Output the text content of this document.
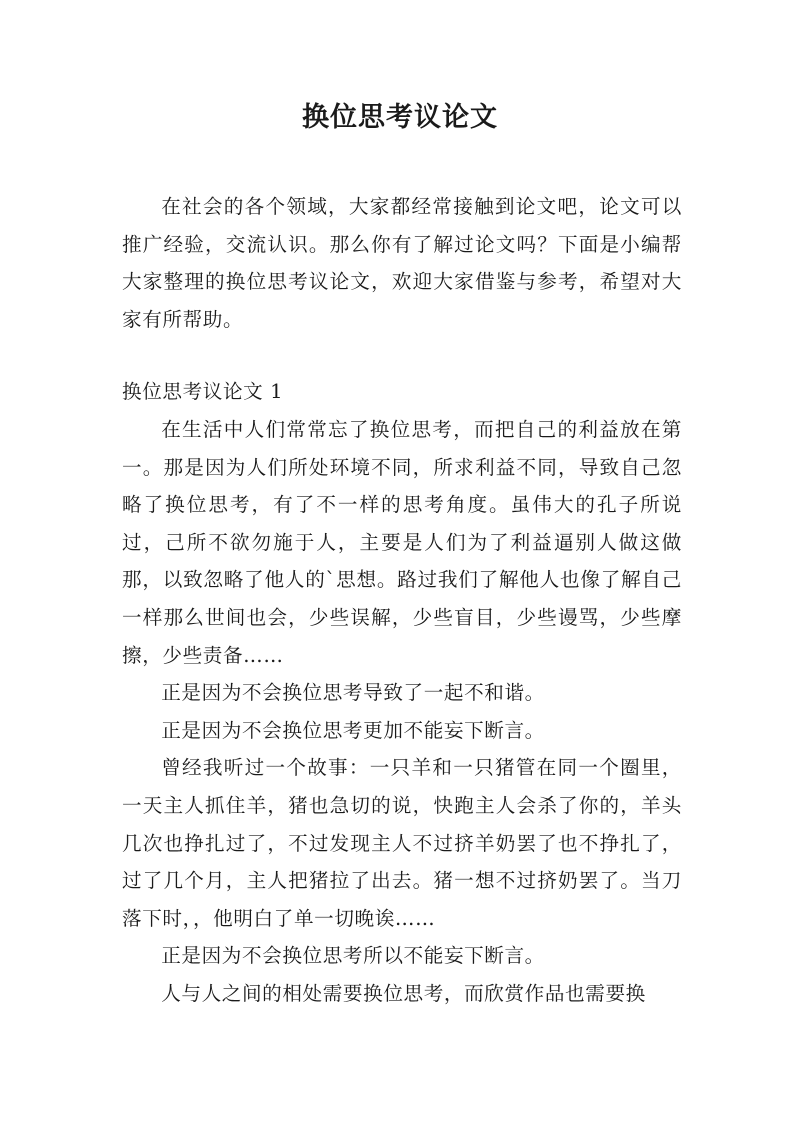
换位思考议论文

在社会的各个领域，大家都经常接触到论文吧，论文可以推广经验，交流认识。那么你有了解过论文吗？下面是小编帮大家整理的换位思考议论文，欢迎大家借鉴与参考，希望对大家有所帮助。

换位思考议论文 1

在生活中人们常常忘了换位思考，而把自己的利益放在第一。那是因为人们所处环境不同，所求利益不同，导致自己忽略了换位思考，有了不一样的思考角度。虽伟大的孔子所说过，己所不欲勿施于人，主要是人们为了利益逼别人做这做那，以致忽略了他人的`思想。路过我们了解他人也像了解自己一样那么世间也会，少些误解，少些盲目，少些谩骂，少些摩擦，少些责备……

正是因为不会换位思考导致了一起不和谐。

正是因为不会换位思考更加不能妄下断言。

曾经我听过一个故事：一只羊和一只猪管在同一个圈里，一天主人抓住羊，猪也急切的说，快跑主人会杀了你的，羊头几次也挣扎过了，不过发现主人不过挤羊奶罢了也不挣扎了，过了几个月，主人把猪拉了出去。猪一想不过挤奶罢了。当刀落下时，，他明白了单一切晚诶……

正是因为不会换位思考所以不能妄下断言。

人与人之间的相处需要换位思考，而欣赏作品也需要换
